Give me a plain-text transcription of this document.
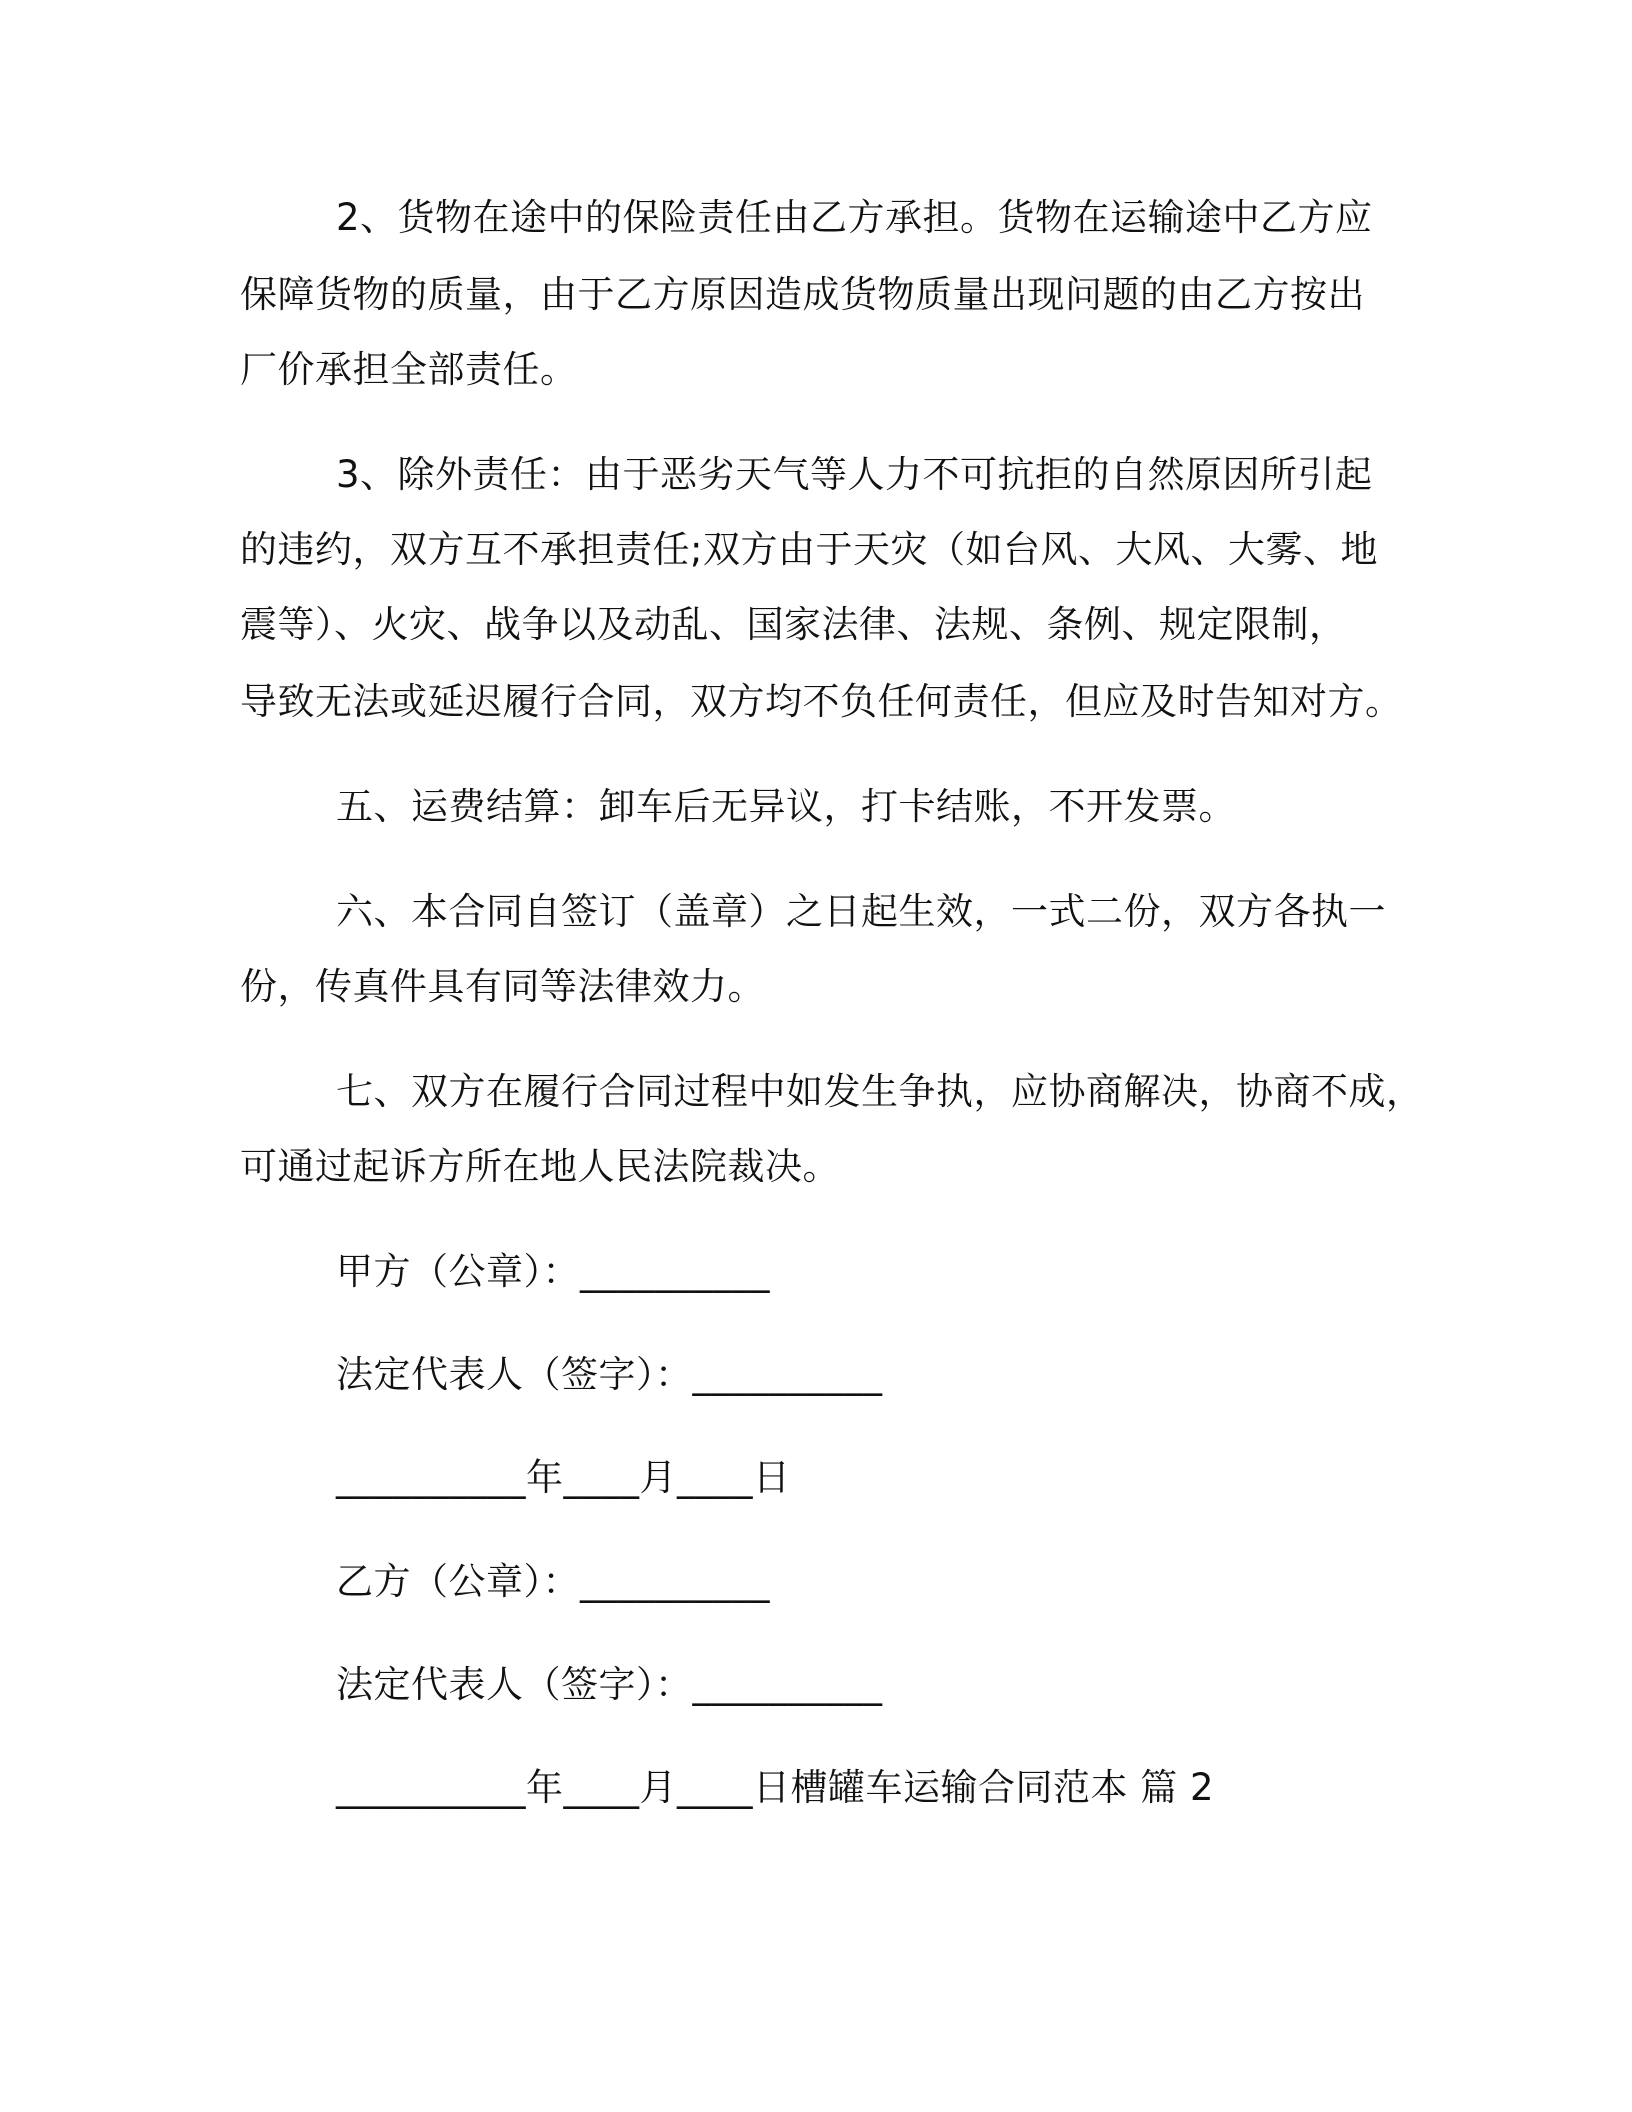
2、货物在途中的保险责任由乙方承担。货物在运输途中乙方应
保障货物的质量，由于乙方原因造成货物质量出现问题的由乙方按出
厂价承担全部责任。
3、除外责任：由于恶劣天气等人力不可抗拒的自然原因所引起
的违约，双方互不承担责任;双方由于天灾（如台风、大风、大雾、地
震等）、火灾、战争以及动乱、国家法律、法规、条例、规定限制，
导致无法或延迟履行合同，双方均不负任何责任，但应及时告知对方。
五、运费结算：卸车后无异议，打卡结账，不开发票。
六、本合同自签订（盖章）之日起生效，一式二份，双方各执一
份，传真件具有同等法律效力。
七、双方在履行合同过程中如发生争执，应协商解决，协商不成，
可通过起诉方所在地人民法院裁决。
甲方（公章）：__________
法定代表人（签字）：__________
__________年____月____日
乙方（公章）：__________
法定代表人（签字）：__________
__________年____月____日槽罐车运输合同范本 篇 2
